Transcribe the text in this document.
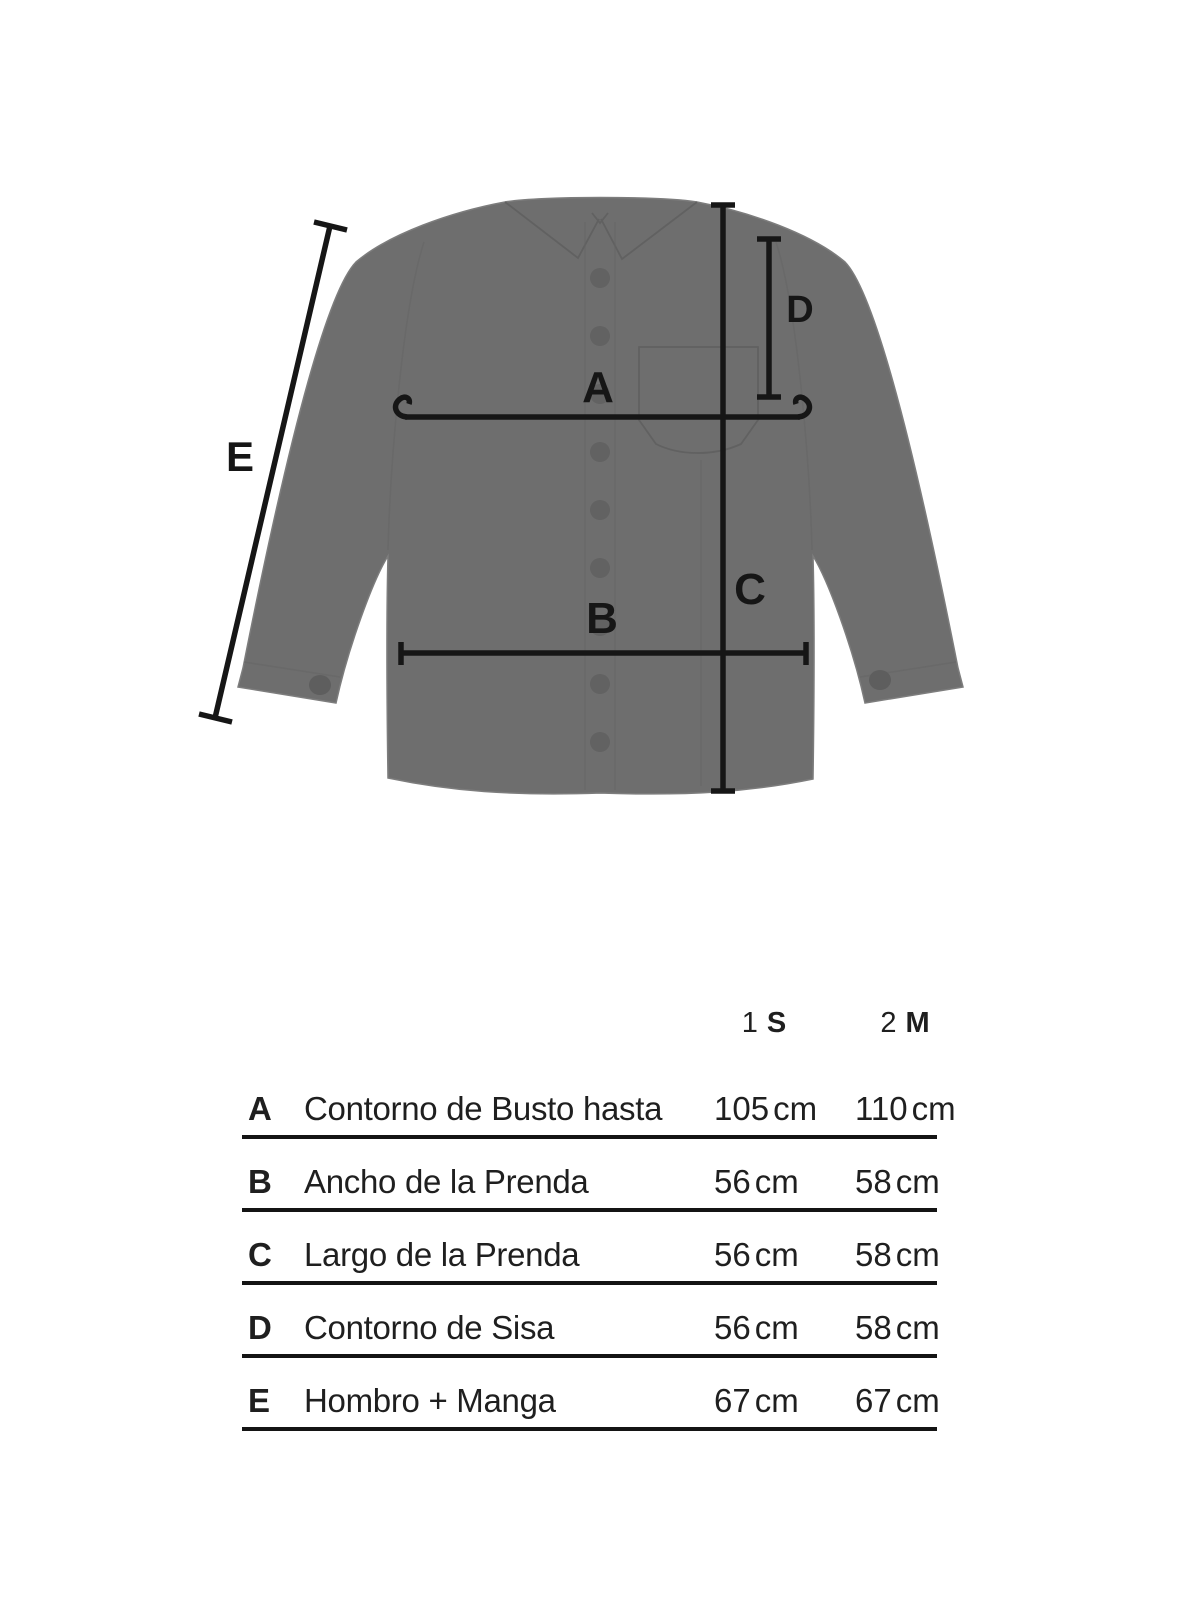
A
B
C
D
E
1 S	2 M
A Contorno de Busto hasta	105 cm	110 cm
B Ancho de la Prenda	56 cm	58 cm
C Largo de la Prenda	56 cm	58 cm
D Contorno de Sisa	56 cm	58 cm
E	Hombro + Manga	67 cm	67 cm
